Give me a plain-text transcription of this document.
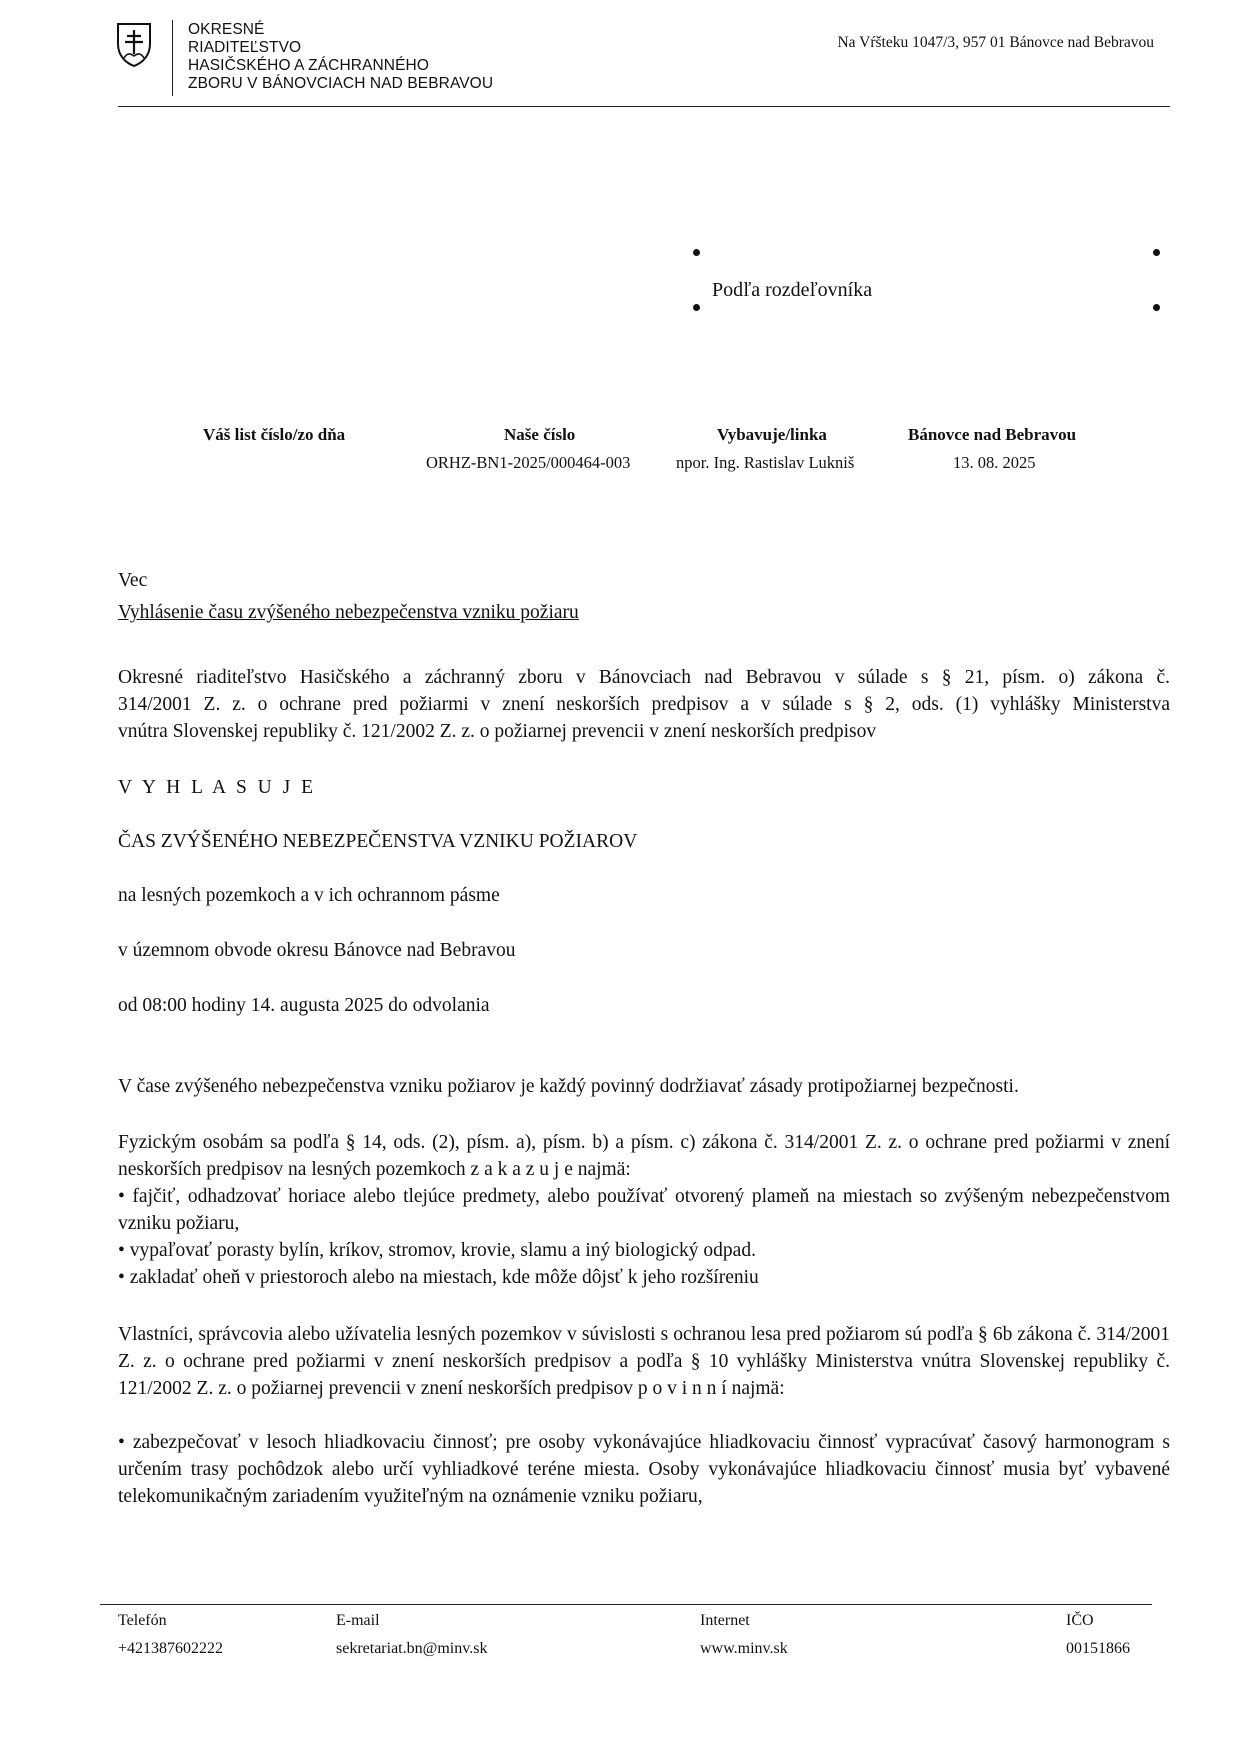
OKRESNÉ
RIADITEĽSTVO
HASIČSKÉHO A ZÁCHRANNÉHO
ZBORU V BÁNOVCIACH NAD BEBRAVOU
Na Vŕšteku 1047/3, 957 01 Bánovce nad Bebravou
Podľa rozdeľovníka
Váš list číslo/zo dňa	Naše číslo
ORHZ-BN1-2025/000464-003
Vybavuje/linka
npor. Ing. Rastislav Lukniš
Bánovce nad Bebravou
13. 08. 2025
Vec
Vyhlásenie času zvýšeného nebezpečenstva vzniku požiaru

Okresné riaditeľstvo Hasičského a záchranný zboru v Bánovciach nad Bebravou v súlade s § 21, písm. o) zákona č.

314/2001 Z. z. o ochrane pred požiarmi v znení neskorších predpisov a v súlade s § 2, ods. (1) vyhlášky Ministerstva

vnútra Slovenskej republiky č. 121/2002 Z. z. o požiarnej prevencii v znení neskorších predpisov

V Y H L A S U J E
ČAS ZVÝŠENÉHO NEBEZPEČENSTVA VZNIKU POŽIAROV
na lesných pozemkoch a v ich ochrannom pásme
v územnom obvode okresu Bánovce nad Bebravou
od 08:00 hodiny 14. augusta 2025 do odvolania
V čase zvýšeného nebezpečenstva vzniku požiarov je každý povinný dodržiavať zásady protipožiarnej bezpečnosti.

Fyzickým osobám sa podľa § 14, ods. (2), písm. a), písm. b) a písm. c) zákona č. 314/2001 Z. z. o ochrane pred požiarmi v znení neskorších predpisov na lesných pozemkoch z a k a z u j e najmä:

• fajčiť, odhadzovať horiace alebo tlejúce predmety, alebo používať otvorený plameň na miestach so zvýšeným nebezpečenstvom vzniku požiaru,

• vypaľovať porasty bylín, kríkov, stromov, krovie, slamu a iný biologický odpad.

• zakladať oheň v priestoroch alebo na miestach, kde môže dôjsť k jeho rozšíreniu

Vlastníci, správcovia alebo užívatelia lesných pozemkov v súvislosti s ochranou lesa pred požiarom sú podľa § 6b zákona č. 314/2001 Z. z. o ochrane pred požiarmi v znení neskorších predpisov a podľa § 10 vyhlášky Ministerstva vnútra Slovenskej republiky č. 121/2002 Z. z. o požiarnej prevencii v znení neskorších predpisov p o v i n n í najmä:
• zabezpečovať v lesoch hliadkovaciu činnosť; pre osoby vykonávajúce hliadkovaciu činnosť vypracúvať časový harmonogram s určením trasy pochôdzok alebo určí vyhliadkové teréne miesta. Osoby vykonávajúce hliadkovaciu činnosť musia byť vybavené telekomunikačným zariadením využiteľným na oznámenie vzniku požiaru,
Telefón
+421387602222
E-mail
sekretariat.bn@minv.sk
Internet
www.minv.sk
IČO
00151866
